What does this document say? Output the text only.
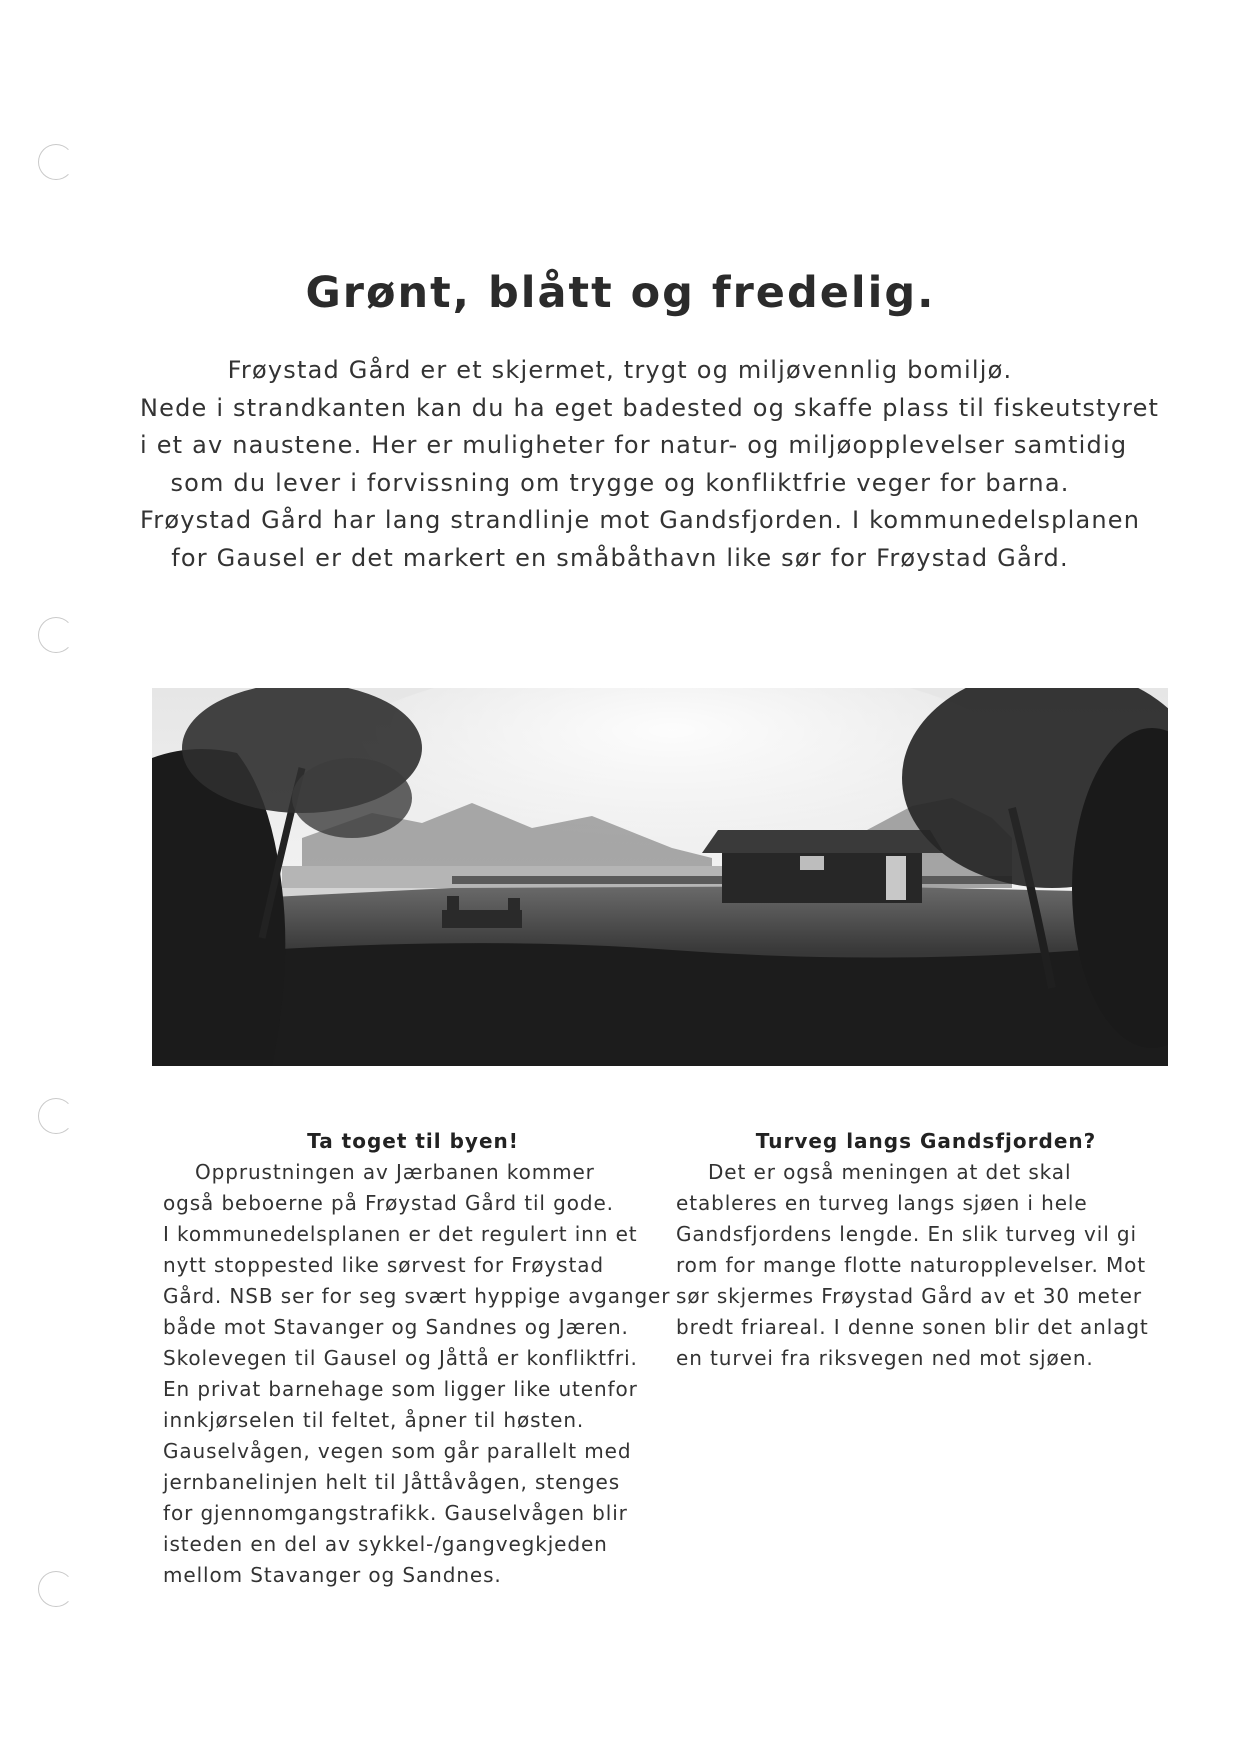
Grønt, blått og fredelig.
Frøystad Gård er et skjermet, trygt og miljøvennlig bomiljø.
Nede i strandkanten kan du ha eget badested og skaffe plass til fiskeutstyret
i et av naustene. Her er muligheter for natur- og miljøopplevelser samtidig
som du lever i forvissning om trygge og konfliktfrie veger for barna.
Frøystad Gård har lang strandlinje mot Gandsfjorden. I kommunedelsplanen
for Gausel er det markert en småbåthavn like sør for Frøystad Gård.
Ta toget til byen!
Opprustningen av Jærbanen kommer
også beboerne på Frøystad Gård til gode.
I kommunedelsplanen er det regulert inn et
nytt stoppested like sørvest for Frøystad
Gård. NSB ser for seg svært hyppige avganger
både mot Stavanger og Sandnes og Jæren.
Skolevegen til Gausel og Jåttå er konfliktfri.
En privat barnehage som ligger like utenfor
innkjørselen til feltet, åpner til høsten.
Gauselvågen, vegen som går parallelt med
jernbanelinjen helt til Jåttåvågen, stenges
for gjennomgangstrafikk. Gauselvågen blir
isteden en del av sykkel-/gangvegkjeden
mellom Stavanger og Sandnes.
Turveg langs Gandsfjorden?
Det er også meningen at det skal
etableres en turveg langs sjøen i hele
Gandsfjordens lengde. En slik turveg vil gi
rom for mange flotte naturopplevelser. Mot
sør skjermes Frøystad Gård av et 30 meter
bredt friareal. I denne sonen blir det anlagt
en turvei fra riksvegen ned mot sjøen.
